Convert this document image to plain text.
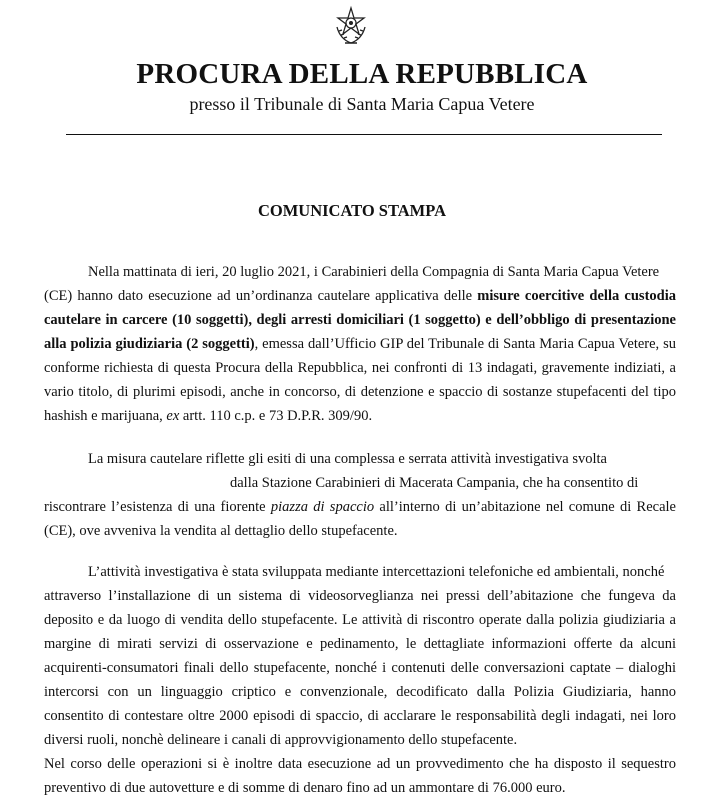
PROCURA DELLA REPUBBLICA
presso il Tribunale di Santa Maria Capua Vetere
COMUNICATO STAMPA
Nella mattinata di ieri, 20 luglio 2021, i Carabinieri della Compagnia di Santa Maria Capua Vetere
(CE) hanno dato esecuzione ad un’ordinanza cautelare applicativa delle misure coercitive della custodia
cautelare in carcere (10 soggetti), degli arresti domiciliari (1 soggetto) e dell’obbligo di presentazione
alla polizia giudiziaria (2 soggetti), emessa dall’Ufficio GIP del Tribunale di Santa Maria Capua Vetere, su
conforme richiesta di questa Procura della Repubblica, nei confronti di 13 indagati, gravemente indiziati, a
vario titolo, di plurimi episodi, anche in concorso, di detenzione e spaccio di sostanze stupefacenti del tipo
hashish e marijuana, ex artt. 110 c.p. e 73 D.P.R. 309/90.
La misura cautelare riflette gli esiti di una complessa e serrata attività investigativa svolta
dalla Stazione Carabinieri di Macerata Campania, che ha consentito di
riscontrare l’esistenza di una fiorente piazza di spaccio all’interno di un’abitazione nel comune di Recale
(CE), ove avveniva la vendita al dettaglio dello stupefacente.
L’attività investigativa è stata sviluppata mediante intercettazioni telefoniche ed ambientali, nonché
attraverso l’installazione di un sistema di videosorveglianza nei pressi dell’abitazione che fungeva da
deposito e da luogo di vendita dello stupefacente. Le attività di riscontro operate dalla polizia giudiziaria a
margine di mirati servizi di osservazione e pedinamento, le dettagliate informazioni offerte da alcuni
acquirenti-consumatori finali dello stupefacente, nonché i contenuti delle conversazioni captate – dialoghi
intercorsi con un linguaggio criptico e convenzionale, decodificato dalla Polizia Giudiziaria, hanno
consentito di contestare oltre 2000 episodi di spaccio, di acclarare le responsabilità degli indagati, nei loro
diversi ruoli, nonchè delineare i canali di approvvigionamento dello stupefacente.
Nel corso delle operazioni si è inoltre data esecuzione ad un provvedimento che ha disposto il sequestro
preventivo di due autovetture e di somme di denaro fino ad un ammontare di 76.000 euro.
